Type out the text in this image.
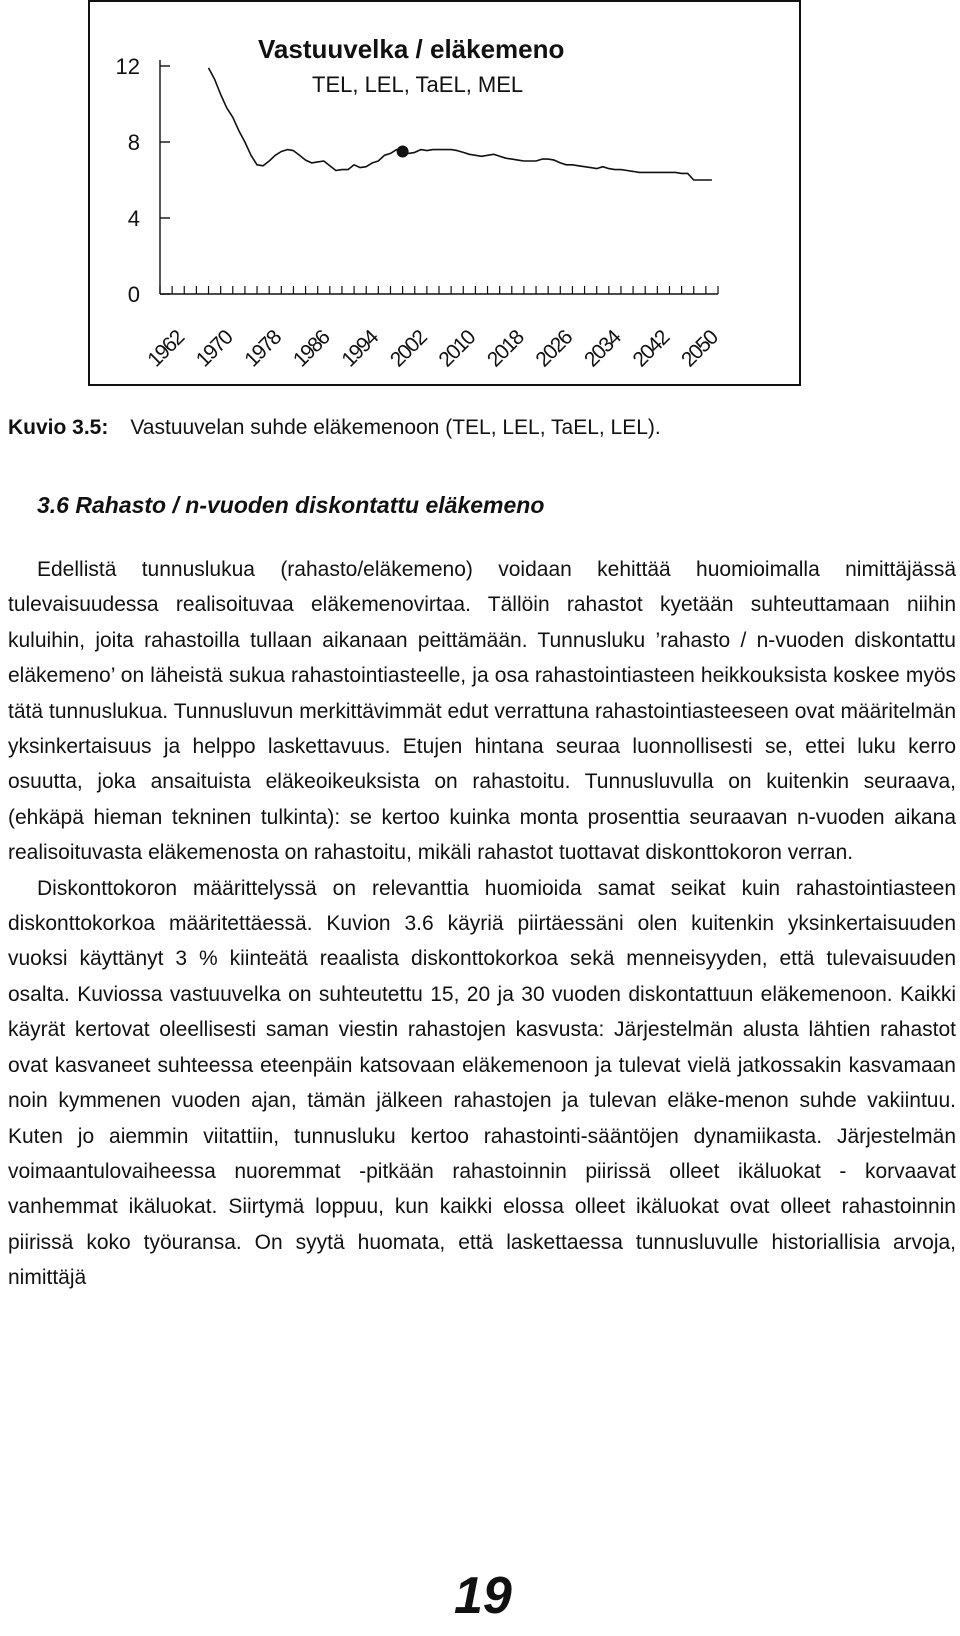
0
4
8
12
1962 1970 1978 1986 1994 2002 2010 2018 2026 2034 2042 2050
Vastuuvelka / eläkemeno
TEL, LEL, TaEL, MEL
Kuvio 3.5: Vastuuvelan suhde eläkemenoon (TEL, LEL, TaEL, LEL).
3.6 Rahasto / n-vuoden diskontattu eläkemeno

Edellistä tunnuslukua (rahasto/eläkemeno) voidaan kehittää huomioimalla nimittäjässä tulevaisuudessa realisoituvaa eläkemenovirtaa. Tällöin rahastot kyetään suhteuttamaan niihin kuluihin, joita rahastoilla tullaan aikanaan peittämään. Tunnusluku ’rahasto / n-vuoden diskontattu eläkemeno’ on läheistä sukua rahastointiasteelle, ja osa rahastointiasteen heikkouksista koskee myös tätä tunnuslukua. Tunnusluvun merkittävimmät edut verrattuna rahastointiasteeseen ovat määritelmän yksinkertaisuus ja helppo laskettavuus. Etujen hintana seuraa luonnollisesti se, ettei luku kerro osuutta, joka ansaituista eläkeoikeuksista on rahastoitu. Tunnusluvulla on kuitenkin seuraava, (ehkäpä hieman tekninen tulkinta): se kertoo kuinka monta prosenttia seuraavan n-vuoden aikana realisoituvasta eläkemenosta on rahastoitu, mikäli rahastot tuottavat diskonttokoron verran.

Diskonttokoron määrittelyssä on relevanttia huomioida samat seikat kuin rahastointiasteen diskonttokorkoa määritettäessä. Kuvion 3.6 käyriä piirtäessäni olen kuitenkin yksinkertaisuuden vuoksi käyttänyt 3 % kiinteätä reaalista diskonttokorkoa sekä menneisyyden, että tulevaisuuden osalta. Kuviossa vastuuvelka on suhteutettu 15, 20 ja 30 vuoden diskontattuun eläkemenoon. Kaikki käyrät kertovat oleellisesti saman viestin rahastojen kasvusta: Järjestelmän alusta lähtien rahastot ovat kasvaneet suhteessa eteenpäin katsovaan eläkemenoon ja tulevat vielä jatkossakin kasvamaan noin kymmenen vuoden ajan, tämän jälkeen rahastojen ja tulevan eläke-menon suhde vakiintuu. Kuten jo aiemmin viitattiin, tunnusluku kertoo rahastointi-sääntöjen dynamiikasta. Järjestelmän voimaantulovaiheessa nuoremmat -pitkään rahastoinnin piirissä olleet ikäluokat - korvaavat vanhemmat ikäluokat. Siirtymä loppuu, kun kaikki elossa olleet ikäluokat ovat olleet rahastoinnin piirissä koko työuransa. On syytä huomata, että laskettaessa tunnusluvulle historiallisia arvoja, nimittäjä

19
